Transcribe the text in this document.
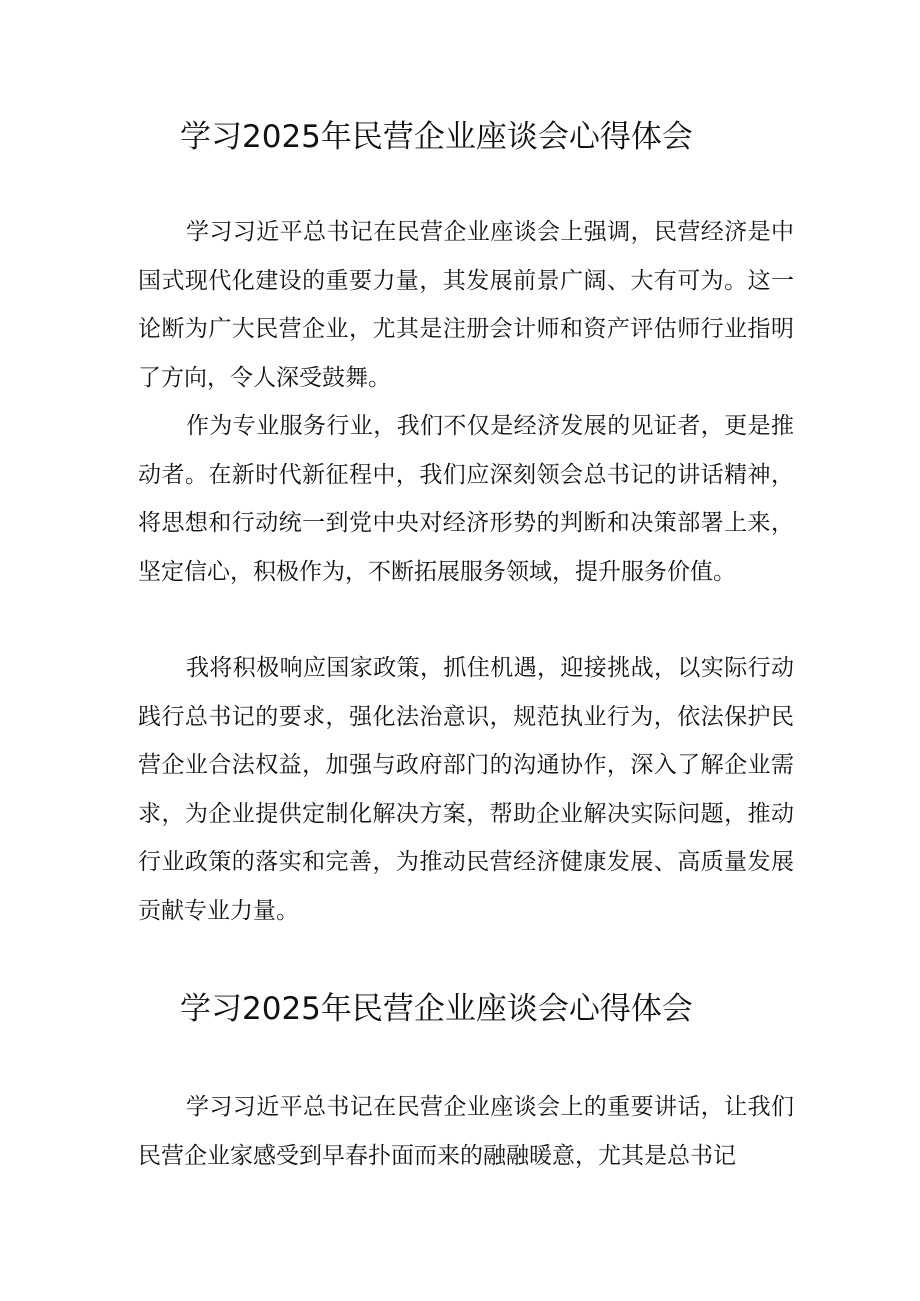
学习2025年民营企业座谈会心得体会

学习习近平总书记在民营企业座谈会上强调，民营经济是中国式现代化建设的重要力量，其发展前景广阔、大有可为。这一论断为广大民营企业，尤其是注册会计师和资产评估师行业指明了方向，令人深受鼓舞。

作为专业服务行业，我们不仅是经济发展的见证者，更是推动者。在新时代新征程中，我们应深刻领会总书记的讲话精神，将思想和行动统一到党中央对经济形势的判断和决策部署上来，坚定信心，积极作为，不断拓展服务领域，提升服务价值。

我将积极响应国家政策，抓住机遇，迎接挑战，以实际行动践行总书记的要求，强化法治意识，规范执业行为，依法保护民营企业合法权益，加强与政府部门的沟通协作，深入了解企业需求，为企业提供定制化解决方案，帮助企业解决实际问题，推动行业政策的落实和完善，为推动民营经济健康发展、高质量发展贡献专业力量。

学习2025年民营企业座谈会心得体会

学习习近平总书记在民营企业座谈会上的重要讲话，让我们民营企业家感受到早春扑面而来的融融暖意，尤其是总书记
